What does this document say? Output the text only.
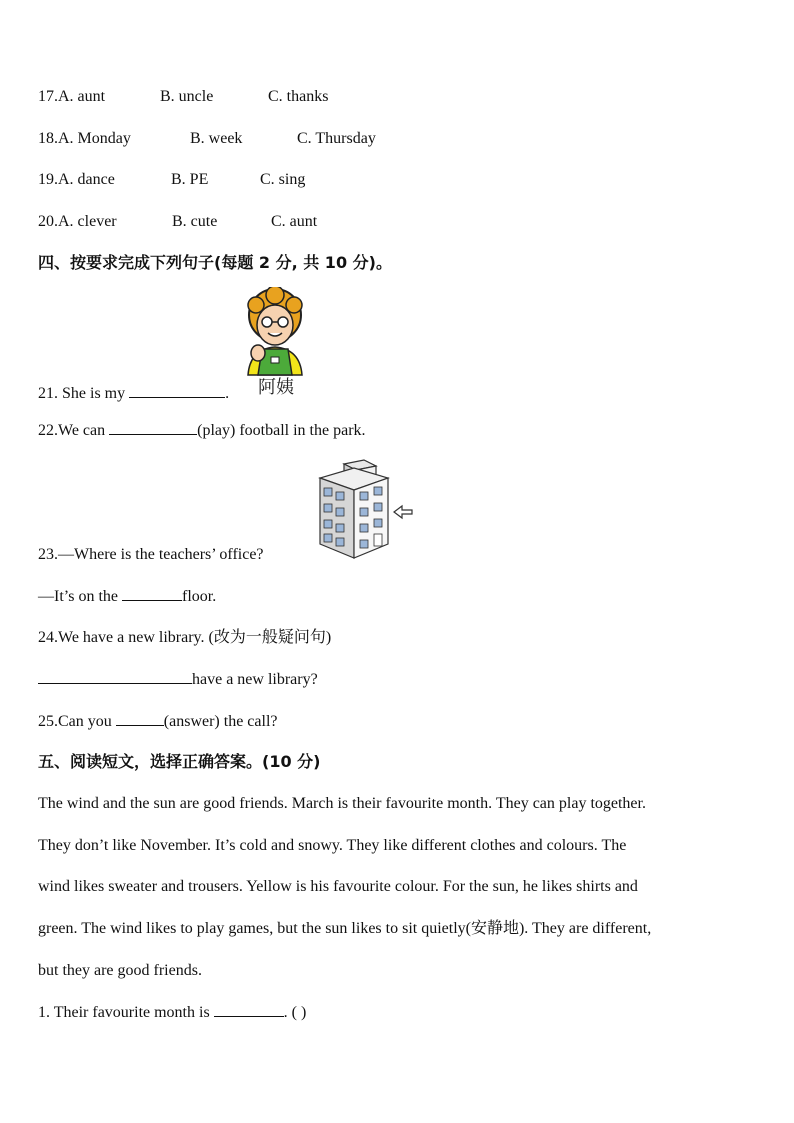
17.A. aunt	B. uncle	C. thanks
18.A. Monday	B. week	C. Thursday
19.A. dance	B. PE	C. sing
20.A. clever	B. cute	C. aunt
四、按要求完成下列句子(每题 2 分, 共 10 分)。
阿姨
21. She is my	.
22.We can	(play) football in the park.
23.—Where is the teachers’ office?
—It’s on the	floor.
24.We have a new library. (改为一般疑问句)
have a new library?
25.Can you	(answer) the call?
五、阅读短文，选择正确答案。(10 分)
The wind and the sun are good friends. March is their favourite month. They can play together.
They don’t like November. It’s cold and snowy. They like different clothes and colours. The
wind likes sweater and trousers. Yellow is his favourite colour. For the sun, he likes shirts and
green. The wind likes to play games, but the sun likes to sit quietly(安静地). They are different,
but they are good friends.
1. Their favourite month is	. ( )
